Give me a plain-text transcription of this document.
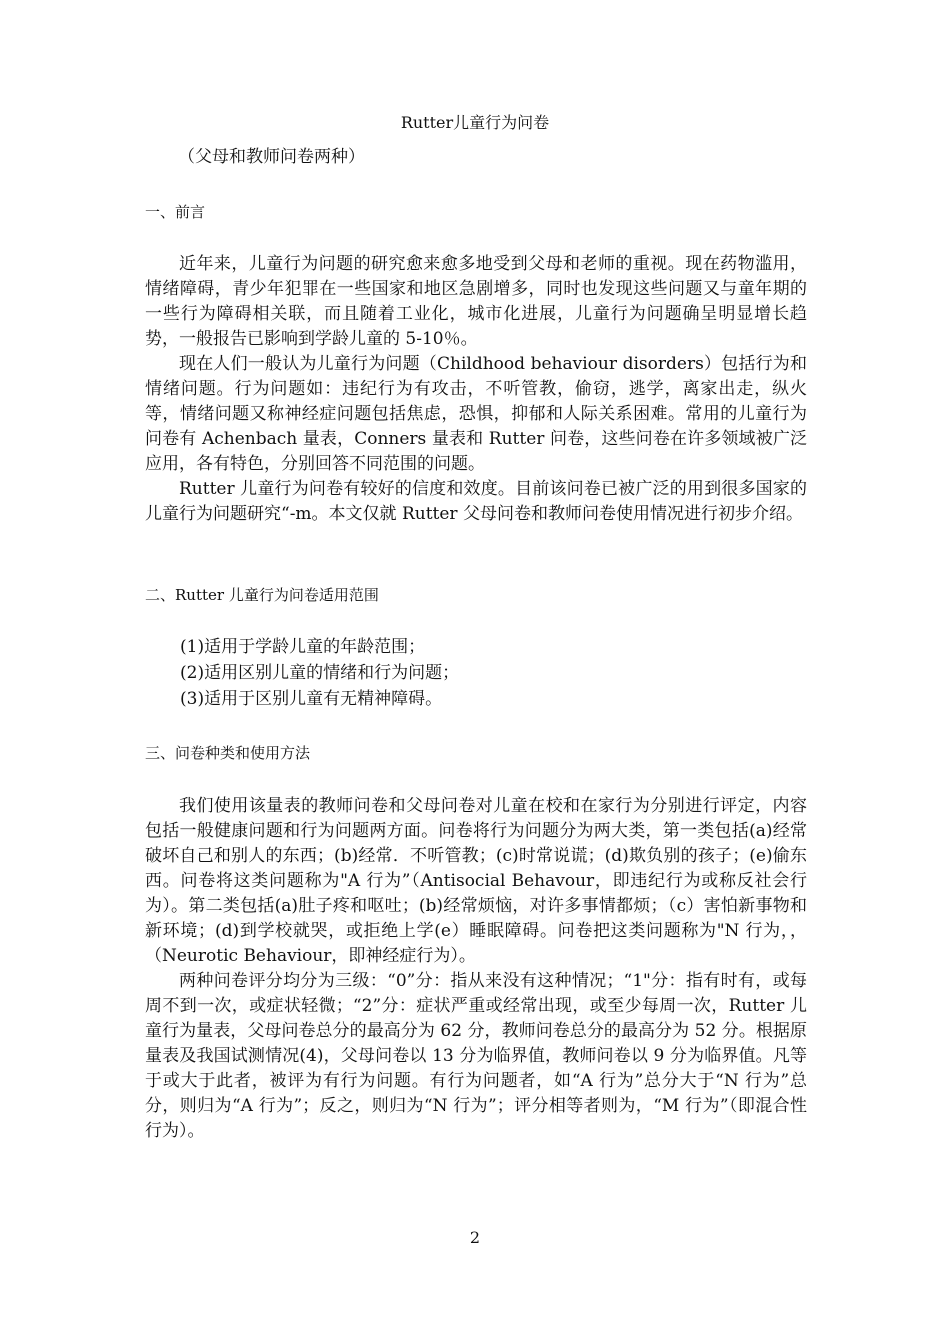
Rutter儿童行为问卷
（父母和教师问卷两种）
一、前言

近年来，儿童行为问题的研究愈来愈多地受到父母和老师的重视。现在药物滥用，情绪障碍，青少年犯罪在一些国家和地区急剧增多，同时也发现这些问题又与童年期的一些行为障碍相关联，而且随着工业化，城市化进展，儿童行为问题确呈明显增长趋势，一般报告已影响到学龄儿童的 5-10％。

现在人们一般认为儿童行为问题（Childhood behaviour disorders）包括行为和情绪问题。行为问题如：违纪行为有攻击，不听管教，偷窃，逃学，离家出走，纵火等，情绪问题又称神经症问题包括焦虑，恐惧，抑郁和人际关系困难。常用的儿童行为问卷有 Achenbach 量表，Conners 量表和 Rutter 问卷，这些问卷在许多领域被广泛应用，各有特色，分别回答不同范围的问题。

Rutter 儿童行为问卷有较好的信度和效度。目前该问卷已被广泛的用到很多国家的儿童行为问题研究“-m。本文仅就 Rutter 父母问卷和教师问卷使用情况进行初步介绍。

二、Rutter 儿童行为问卷适用范围
(1)适用于学龄儿童的年龄范围；
(2)适用区别儿童的情绪和行为问题；
(3)适用于区别儿童有无精神障碍。
三、问卷种类和使用方法

我们使用该量表的教师问卷和父母问卷对儿童在校和在家行为分别进行评定，内容包括一般健康问题和行为问题两方面。问卷将行为问题分为两大类，第一类包括(a)经常破坏自己和别人的东西；(b)经常．不听管教；(c)时常说谎；(d)欺负别的孩子；(e)偷东西。问卷将这类问题称为"A 行为”（Antisocial Behavour，即违纪行为或称反社会行为）。第二类包括(a)肚子疼和呕吐；(b)经常烦恼，对许多事情都烦；（c）害怕新事物和新环境；(d)到学校就哭，或拒绝上学(e）睡眠障碍。问卷把这类问题称为"N 行为，，（Neurotic Behaviour，即神经症行为）。

两种问卷评分均分为三级：“0”分：指从来没有这种情况；“1"分：指有时有，或每周不到一次，或症状轻微；“2”分：症状严重或经常出现，或至少每周一次，Rutter 儿童行为量表，父母问卷总分的最高分为 62 分，教师问卷总分的最高分为 52 分。根据原量表及我国试测情况(4)，父母问卷以 13 分为临界值，教师问卷以 9 分为临界值。凡等于或大于此者，被评为有行为问题。有行为问题者，如“A 行为”总分大于“N 行为”总分，则归为“A 行为”；反之，则归为“N 行为”；评分相等者则为，“M 行为”（即混合性行为）。

2
